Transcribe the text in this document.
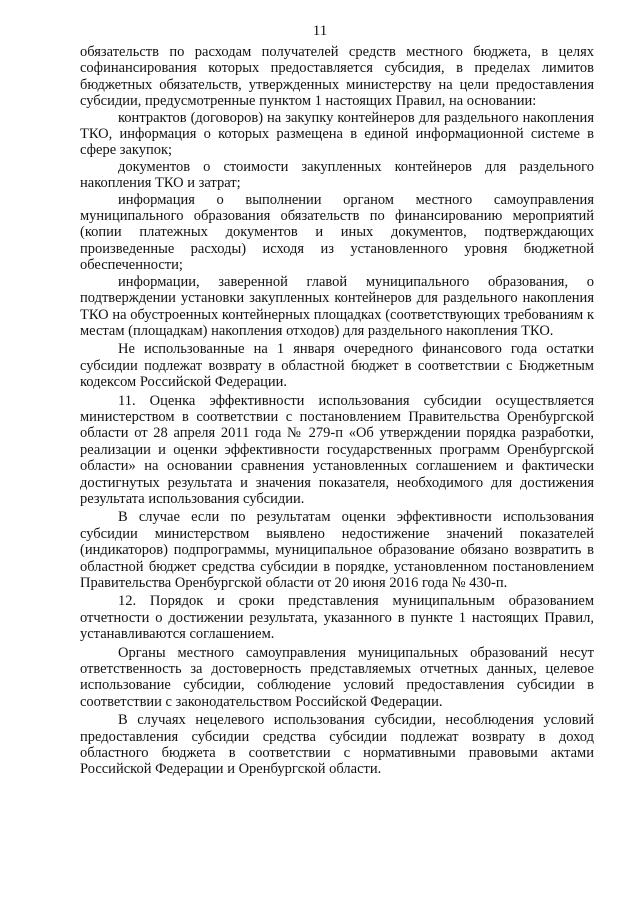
11

обязательств по расходам получателей средств местного бюджета, в целях софинансирования которых предоставляется субсидия, в пределах лимитов бюджетных обязательств, утвержденных министерству на цели предоставления субсидии, предусмотренные пунктом 1 настоящих Правил, на основании:

контрактов (договоров) на закупку контейнеров для раздельного накопления ТКО, информация о которых размещена в единой информационной системе в сфере закупок;

документов о стоимости закупленных контейнеров для раздельного накопления ТКО и затрат;

информация о выполнении органом местного самоуправления муниципального образования обязательств по финансированию мероприятий (копии платежных документов и иных документов, подтверждающих произведенные расходы) исходя из установленного уровня бюджетной обеспеченности;

информации, заверенной главой муниципального образования, о подтверждении установки закупленных контейнеров для раздельного накопления ТКО на обустроенных контейнерных площадках (соответствующих требованиям к местам (площадкам) накопления отходов) для раздельного накопления ТКО.

Не использованные на 1 января очередного финансового года остатки субсидии подлежат возврату в областной бюджет в соответствии с Бюджетным кодексом Российской Федерации.

11. Оценка эффективности использования субсидии осуществляется министерством в соответствии с постановлением Правительства Оренбургской области от 28 апреля 2011 года № 279-п «Об утверждении порядка разработки, реализации и оценки эффективности государственных программ Оренбургской области» на основании сравнения установленных соглашением и фактически достигнутых результата и значения показателя, необходимого для достижения результата использования субсидии.

В случае если по результатам оценки эффективности использования субсидии министерством выявлено недостижение значений показателей (индикаторов) подпрограммы, муниципальное образование обязано возвратить в областной бюджет средства субсидии в порядке, установленном постановлением Правительства Оренбургской области от 20 июня 2016 года № 430-п.

12. Порядок и сроки представления муниципальным образованием отчетности о достижении результата, указанного в пункте 1 настоящих Правил, устанавливаются соглашением.

Органы местного самоуправления муниципальных образований несут ответственность за достоверность представляемых отчетных данных, целевое использование субсидии, соблюдение условий предоставления субсидии в соответствии с законодательством Российской Федерации.

В случаях нецелевого использования субсидии, несоблюдения условий предоставления субсидии средства субсидии подлежат возврату в доход областного бюджета в соответствии с нормативными правовыми актами Российской Федерации и Оренбургской области.
